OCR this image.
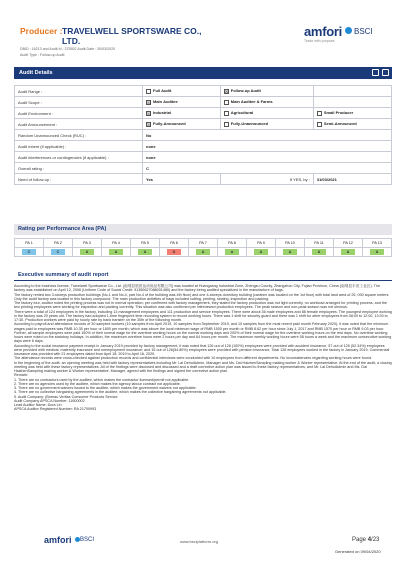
Producer : TRAVELWELL SPORTSWARE CO., LTD.
DBID : 16213 and Audit Id : 375552 Audit Date : 30/03/2020
Audit Type : Follow-up Audit
amfori BSCI
Trade with purpose
Audit Details
Audit Range :	Full Audit	☒ Follow-up Audit	
Audit Scope :	☒ Main Auditee	Main Auditee & Farms	
Audit Environment :	☒ Industrial	Agricultural	Small Producer
Audit Announcement :	☒ Fully-Announced	Fully-Unannounced	Semi-Announced
Random Unannounced Check (RUC) :	No		
Audit extent (if applicable) :	none		
Audit interferences or contingencies (if applicable) :	none		
Overall rating :	C		
Need of follow-up :	Yes	If YES, by :	31/03/2021
Rating per Performance Area (PA)
PA 1	PA 2	PA 3	PA 4	PA 5	PA 6	PA 7	PA 8	PA 9	PA 10	PA 11	PA 12	PA 13
C	C	A	A	A	D	A	A	A	A	A	A	A
Executive summary of audit report

According to the business license, Travelwell Sportswear Co., Ltd. (南靖县旅世运动用品有限公司) was located at Huangcang Industrial Zone, Zhengzu County, Zhangzhou City, Fujian Province, China (南靖县丰田工业区). The factory was established on April 12, 2006 (Uniform Code of Social Credit: 91350627086001480) and the factory being audited specialized in the manufacture of bags.

The factory rented two 3-storeys production buildings (No.1 and No.4, part No.4 of the building was 4th floor) and one 4-storeys dormitory building (canteen was located on the 1st floor) with total land area of 25, 000 square meters. Only the audit factory was located in this factory compound. The main production activities of bags included cutting, printing, sewing, inspection and packing.

The factory tour, auditor noted the printing process was not in normal operation; per confirmed with factory management, they stated the factory production was not light currently, no workload arranged for printing process, and the two printing employees were working for inspection and packing currently. This situation was also confirmed per interviewed production employees. The peak season and non-peak season was not obvious.

There were a total of 124 employees in the factory, including 13 management employees and 111 production and service employees. There were about 36 male employees and 88 female employees. The youngest employee working in the factory was 20 years old. The factory had adopted 1-time fingerprint time recording system to record working hours. There was 1 shift for security guard and there was 1 shift for other employees from 08:00 to 12:00, 13:30 to 17:30. Production workers were paid by hourly rate by bank transfer on the 30th of the following month.

According to payroll and attendance records of 30 sampled workers (10 samples from April 2019, 10 samples from September 2019, and 10 samples from the most recent paid month February 2020), it was noted that the minimum wages paid to employees was RMB 10.35 per hour or 1800 per month; which was above the local minimum wage of RMB 1500 per month or RMB 8.62 per hour since July 1, 2017 and RMB 1570 per hour or RMB 9.03 per hour. Further, all sample employees were paid 150% of their normal wage for the overtime working hours on the normal working days and 200% of their normal wage for the overtime working hours on the rest days. No overtime working hours were noted on the statutory holidays. In addition, the maximum overtime hours were 2 hours per day and 64 hours per month. The maximum weekly working hours were 58 hours a week and the maximum consecutive working days were 6 days.

According to the social insurance payment receipt in January 2019 provided by factory management, it was noted that 126 out of 126 (100%) employees were provided with accident insurance, 57 out of 126 (52.34%) employees were provided with medical, maternity insurance and unemployment insurance; and 15 out of 126(54.80%) employees were provided with pension insurance. Total 126 employees worked in the factory in January 2019. Commercial insurance was provided with 21 employees dated from April 18, 2019 to April 16, 2020.

The attendance records were cross-checked against production records and confidential interviews were conducted with 10 employees from different departments. No inconsistencies regarding working hours were found.

In the beginning of the audit, an opening meeting was held with factory representatives including Mr. Lai DehuiAdmin, Manager and Ms. Dai HaizhenSampling making worker & Worker representative. At the end of the audit, a closing meeting was held with these factory representatives. All of the findings were disclosed and discussed and a draft corrective action plan was issued to these factory representatives, and Mr. Lai DehuiAdmin and Ms. Dai HaizhenSampling making worker & Worker representative. Manager, agreed with the findings and signed the corrective action plan.

Remark:

1. There are no contractors used by the auditee, which makes the contractor licensed/permit not applicable.

2. There are no agencies used by the auditee, which makes the agency labour contract not applicable.

3. There are no government waivers issued to the auditee, which makes the government waivers not applicable.

4. There are no collective bargaining agreements in the auditee, which makes the collective bargaining agreements not applicable.

5. Audit Company: (Bureau Veritas Consumer Products Service

Audit Company APSCA Number: 11600002

Lead Auditor Name: Dora Lin

APSCA Auditor Registered Number: RA 21700993

amfori BSCI	www.bsciplatform.org	Page 4/23
Generated on 09/04/2020
